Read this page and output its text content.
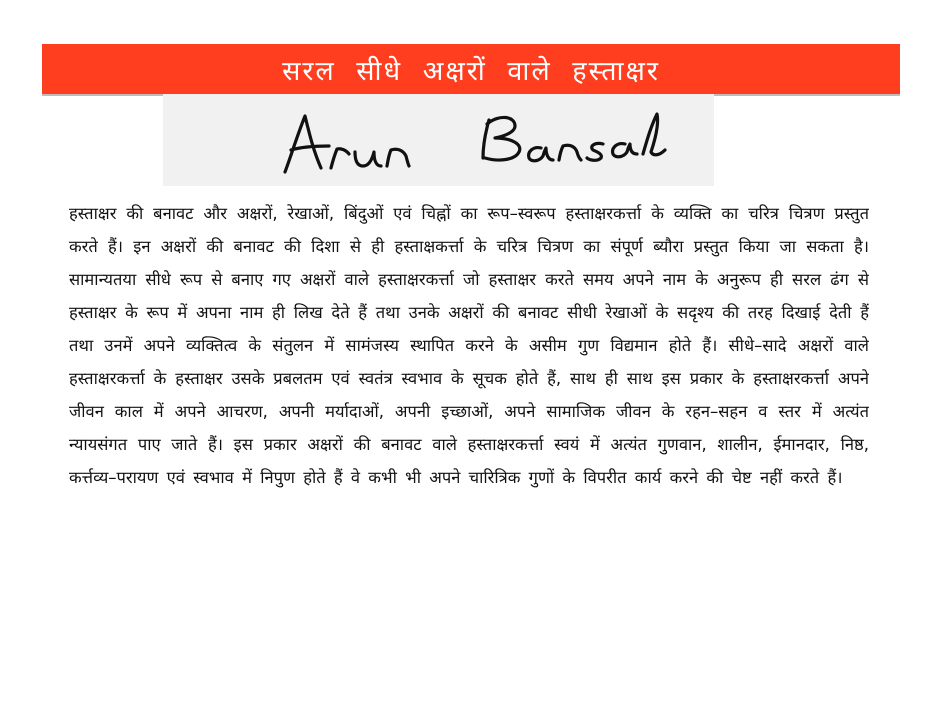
सरल सीधे अक्षरों वाले हस्ताक्षर

हस्ताक्षर की बनावट और अक्षरों, रेखाओं, बिंदुओं एवं चिह्नों का रूप–स्वरूप हस्ताक्षरकर्त्ता के व्यक्ति का चरित्र चित्रण प्रस्तुत करते हैं। इन अक्षरों की बनावट की दिशा से ही हस्ताक्षकर्त्ता के चरित्र चित्रण का संपूर्ण ब्यौरा प्रस्तुत किया जा सकता है। सामान्यतया सीधे रूप से बनाए गए अक्षरों वाले हस्ताक्षरकर्त्ता जो हस्ताक्षर करते समय अपने नाम के अनुरूप ही सरल ढंग से हस्ताक्षर के रूप में अपना नाम ही लिख देते हैं तथा उनके अक्षरों की बनावट सीधी रेखाओं के सदृश्य की तरह दिखाई देती हैं तथा उनमें अपने व्यक्तित्व के संतुलन में सामंजस्य स्थापित करने के असीम गुण विद्यमान होते हैं। सीधे–सादे अक्षरों वाले हस्ताक्षरकर्त्ता के हस्ताक्षर उसके प्रबलतम एवं स्वतंत्र स्वभाव के सूचक होते हैं, साथ ही साथ इस प्रकार के हस्ताक्षरकर्त्ता अपने जीवन काल में अपने आचरण, अपनी मर्यादाओं, अपनी इच्छाओं, अपने सामाजिक जीवन के रहन–सहन व स्तर में अत्यंत न्यायसंगत पाए जाते हैं। इस प्रकार अक्षरों की बनावट वाले हस्ताक्षरकर्त्ता स्वयं में अत्यंत गुणवान, शालीन, ईमानदार, निष्ठ, कर्त्तव्य–परायण एवं स्वभाव में निपुण होते हैं वे कभी भी अपने चारित्रिक गुणों के विपरीत कार्य करने की चेष्ट नहीं करते हैं।
